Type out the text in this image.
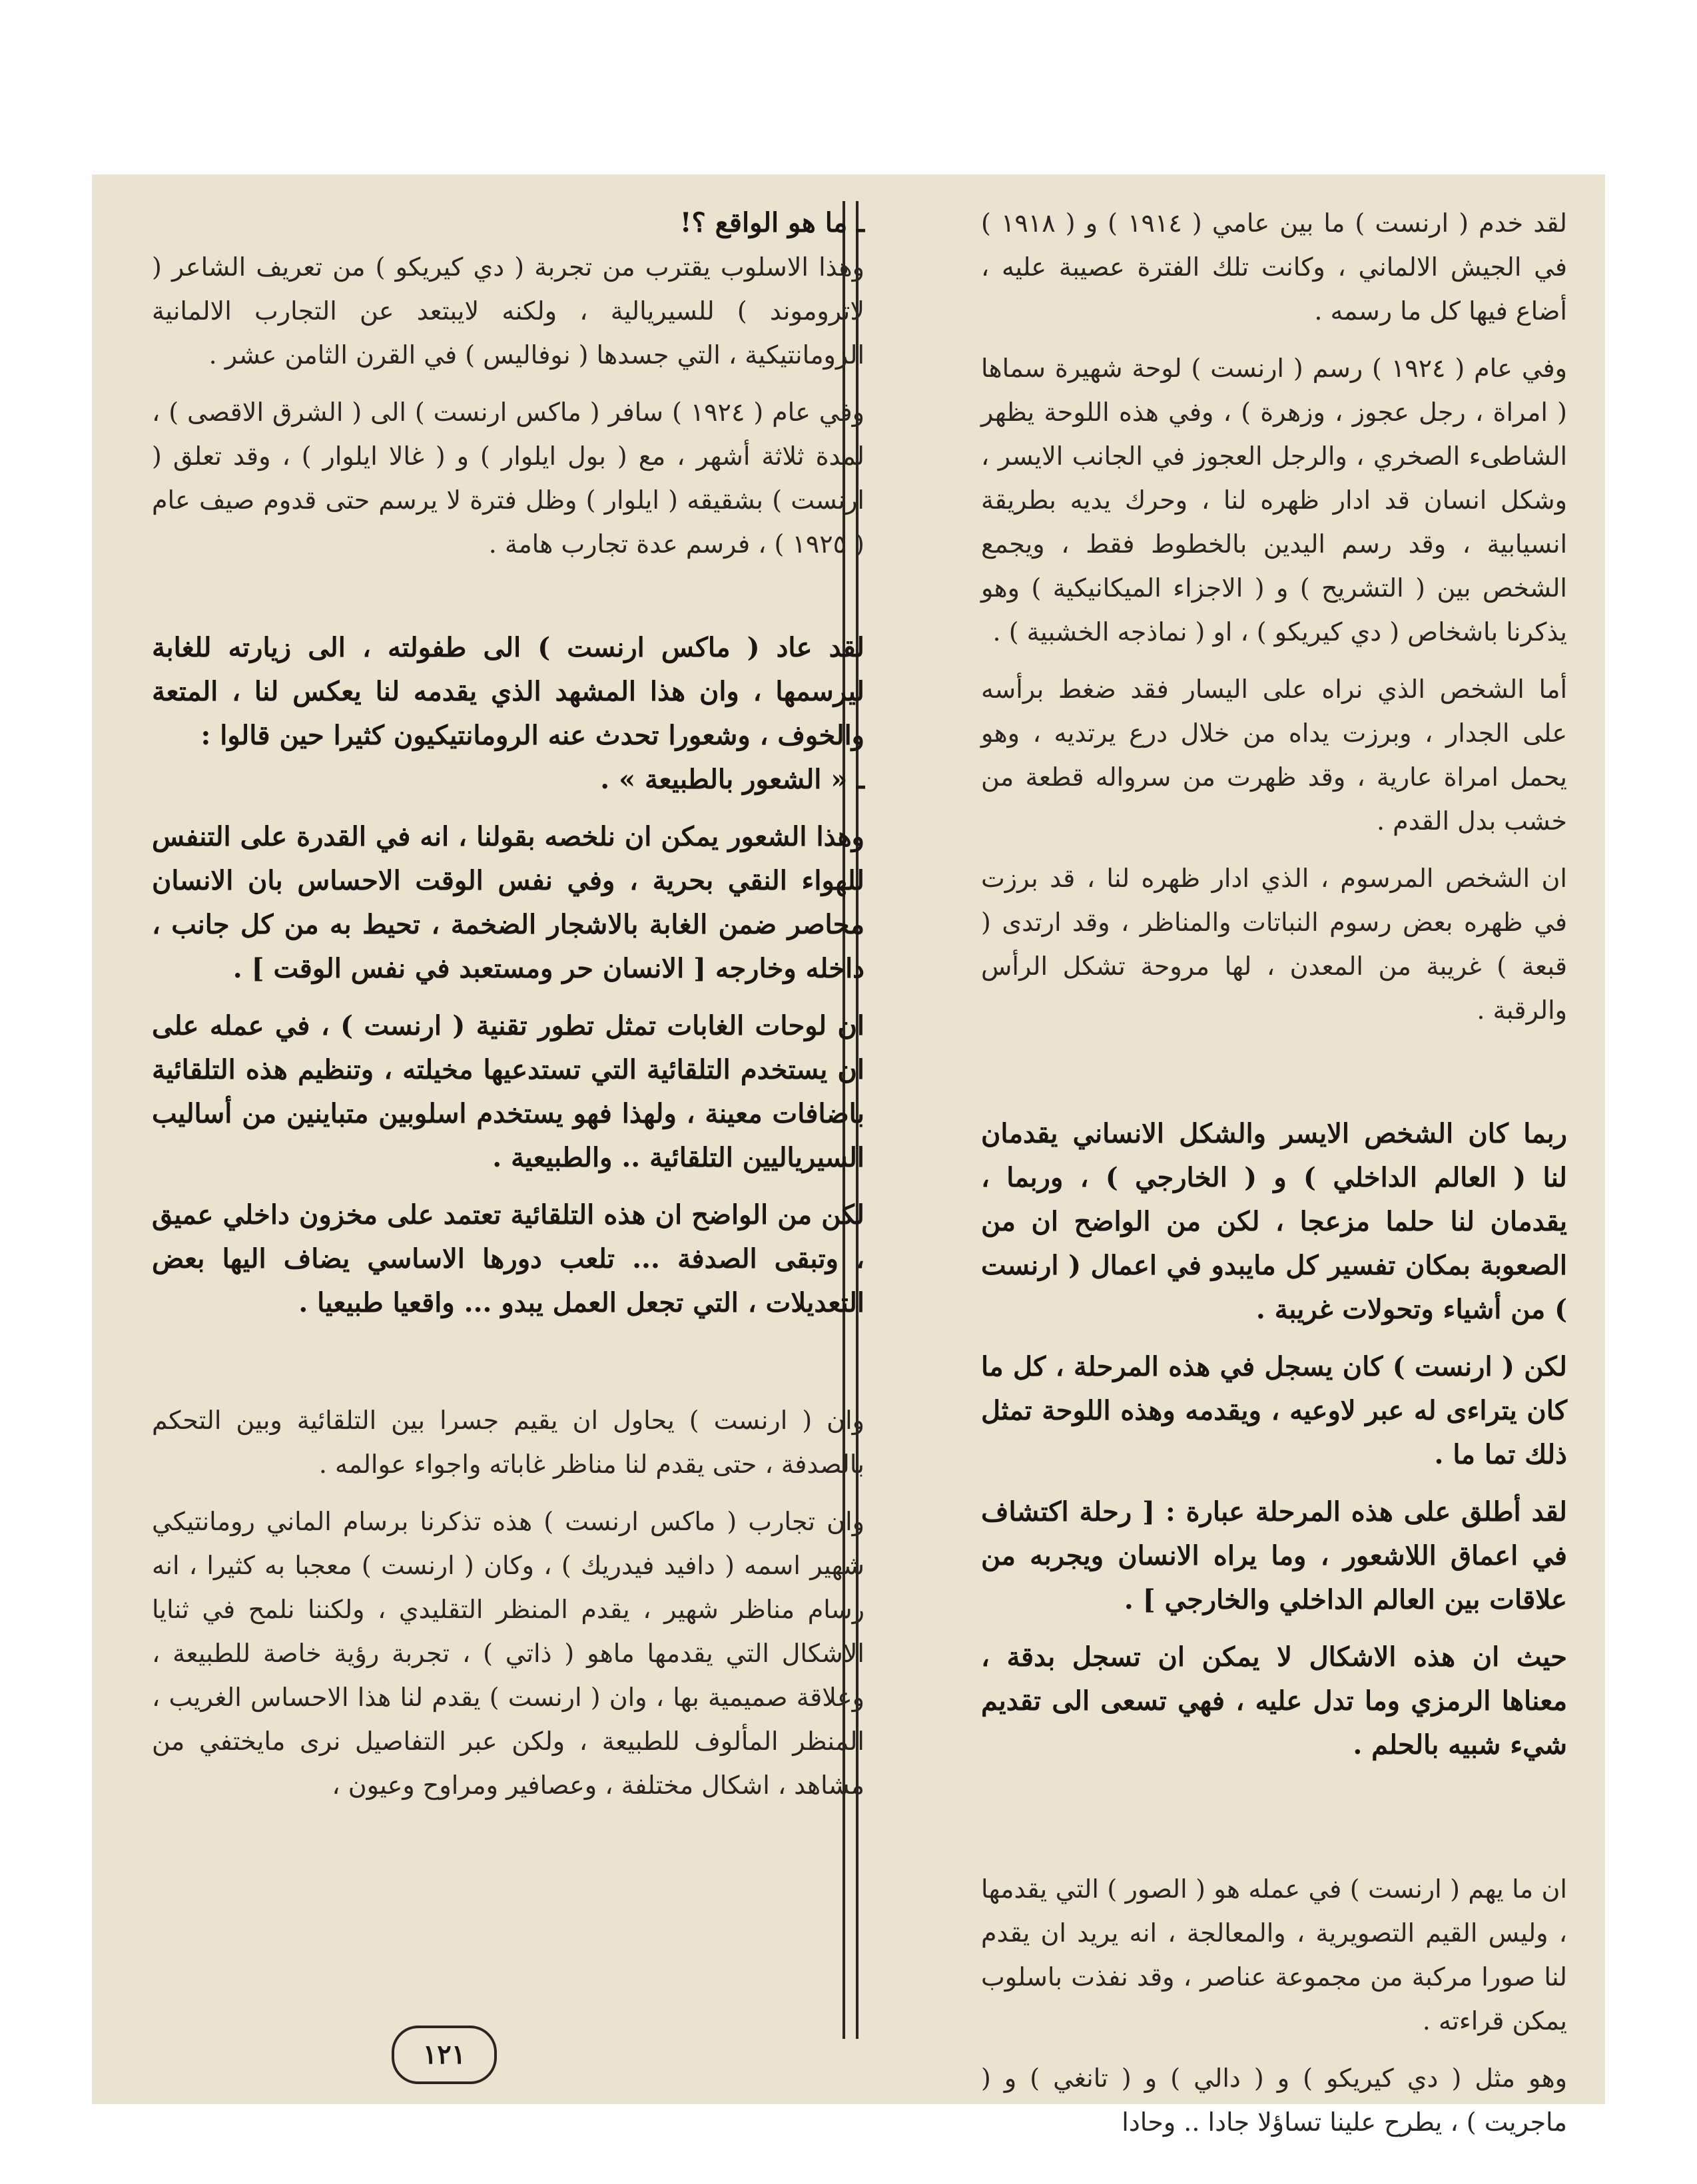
لقد خدم ( ارنست ) ما بين عامي ( ١٩١٤ ) و ( ١٩١٨ ) في الجيش الالماني ، وكانت تلك الفترة عصيبة عليه ، أضاع فيها كل ما رسمه .

وفي عام ( ١٩٢٤ ) رسم ( ارنست ) لوحة شهيرة سماها ( امراة ، رجل عجوز ، وزهرة ) ، وفي هذه اللوحة يظهر الشاطىء الصخري ، والرجل العجوز في الجانب الايسر ، وشكل انسان قد ادار ظهره لنا ، وحرك يديه بطريقة انسيابية ، وقد رسم اليدين بالخطوط فقط ، ويجمع الشخص بين ( التشريح ) و ( الاجزاء الميكانيكية ) وهو يذكرنا باشخاص ( دي كيريكو ) ، او ( نماذجه الخشبية ) .

أما الشخص الذي نراه على اليسار فقد ضغط برأسه على الجدار ، وبرزت يداه من خلال درع يرتديه ، وهو يحمل امراة عارية ، وقد ظهرت من سرواله قطعة من خشب بدل القدم .

ان الشخص المرسوم ، الذي ادار ظهره لنا ، قد برزت في ظهره بعض رسوم النباتات والمناظر ، وقد ارتدى ( قبعة ) غريبة من المعدن ، لها مروحة تشكل الرأس والرقبة .

ربما كان الشخص الايسر والشكل الانساني يقدمان لنا ( العالم الداخلي ) و ( الخارجي ) ، وربما ، يقدمان لنا حلما مزعجا ، لكن من الواضح ان من الصعوبة بمكان تفسير كل مايبدو في اعمال ( ارنست ) من أشياء وتحولات غريبة .

لكن ( ارنست ) كان يسجل في هذه المرحلة ، كل ما كان يتراءى له عبر لاوعيه ، ويقدمه وهذه اللوحة تمثل ذلك تما ما .

لقد أطلق على هذه المرحلة عبارة : [ رحلة اكتشاف في اعماق اللاشعور ، وما يراه الانسان ويجربه من علاقات بين العالم الداخلي والخارجي ] .

حيث ان هذه الاشكال لا يمكن ان تسجل بدقة ، معناها الرمزي وما تدل عليه ، فهي تسعى الى تقديم شيء شبيه بالحلم .

ان ما يهم ( ارنست ) في عمله هو ( الصور ) التي يقدمها ، وليس القيم التصويرية ، والمعالجة ، انه يريد ان يقدم لنا صورا مركبة من مجموعة عناصر ، وقد نفذت باسلوب يمكن قراءته .

وهو مثل ( دي كيريكو ) و ( دالي ) و ( تانغي ) و ( ماجريت ) ، يطرح علينا تساؤلا جادا .. وحادا

ـ ما هو الواقع ؟!

وهذا الاسلوب يقترب من تجربة ( دي كيريكو ) من تعريف الشاعر ( لاتروموند ) للسيريالية ، ولكنه لايبتعد عن التجارب الالمانية الرومانتيكية ، التي جسدها ( نوفاليس ) في القرن الثامن عشر .

وفي عام ( ١٩٢٤ ) سافر ( ماكس ارنست ) الى ( الشرق الاقصى ) ، لمدة ثلاثة أشهر ، مع ( بول ايلوار ) و ( غالا ايلوار ) ، وقد تعلق ( ارنست ) بشقيقه ( ايلوار ) وظل فترة لا يرسم حتى قدوم صيف عام ( ١٩٢٥ ) ، فرسم عدة تجارب هامة .

لقد عاد ( ماكس ارنست ) الى طفولته ، الى زيارته للغابة ليرسمها ، وان هذا المشهد الذي يقدمه لنا يعكس لنا ، المتعة والخوف ، وشعورا تحدث عنه الرومانتيكيون كثيرا حين قالوا :

ـ « الشعور بالطبيعة » .

وهذا الشعور يمكن ان نلخصه بقولنا ، انه في القدرة على التنفس للهواء النقي بحرية ، وفي نفس الوقت الاحساس بان الانسان محاصر ضمن الغابة بالاشجار الضخمة ، تحيط به من كل جانب ، داخله وخارجه [ الانسان حر ومستعبد في نفس الوقت ] .

ان لوحات الغابات تمثل تطور تقنية ( ارنست ) ، في عمله على ان يستخدم التلقائية التي تستدعيها مخيلته ، وتنظيم هذه التلقائية باضافات معينة ، ولهذا فهو يستخدم اسلوبين متباينين من أساليب السيرياليين التلقائية .. والطبيعية .

لكن من الواضح ان هذه التلقائية تعتمد على مخزون داخلي عميق ، وتبقى الصدفة ... تلعب دورها الاساسي يضاف اليها بعض التعديلات ، التي تجعل العمل يبدو ... واقعيا طبيعيا .

وان ( ارنست ) يحاول ان يقيم جسرا بين التلقائية وبين التحكم بالصدفة ، حتى يقدم لنا مناظر غاباته واجواء عوالمه .

وان تجارب ( ماكس ارنست ) هذه تذكرنا برسام الماني رومانتيكي شهير اسمه ( دافيد فيدريك ) ، وكان ( ارنست ) معجبا به كثيرا ، انه رسام مناظر شهير ، يقدم المنظر التقليدي ، ولكننا نلمح في ثنايا الاشكال التي يقدمها ماهو ( ذاتي ) ، تجربة رؤية خاصة للطبيعة ، وعلاقة صميمية بها ، وان ( ارنست ) يقدم لنا هذا الاحساس الغريب ، المنظر المألوف للطبيعة ، ولكن عبر التفاصيل نرى مايختفي من مشاهد ، اشكال مختلفة ، وعصافير ومراوح وعيون ،

١٢١
